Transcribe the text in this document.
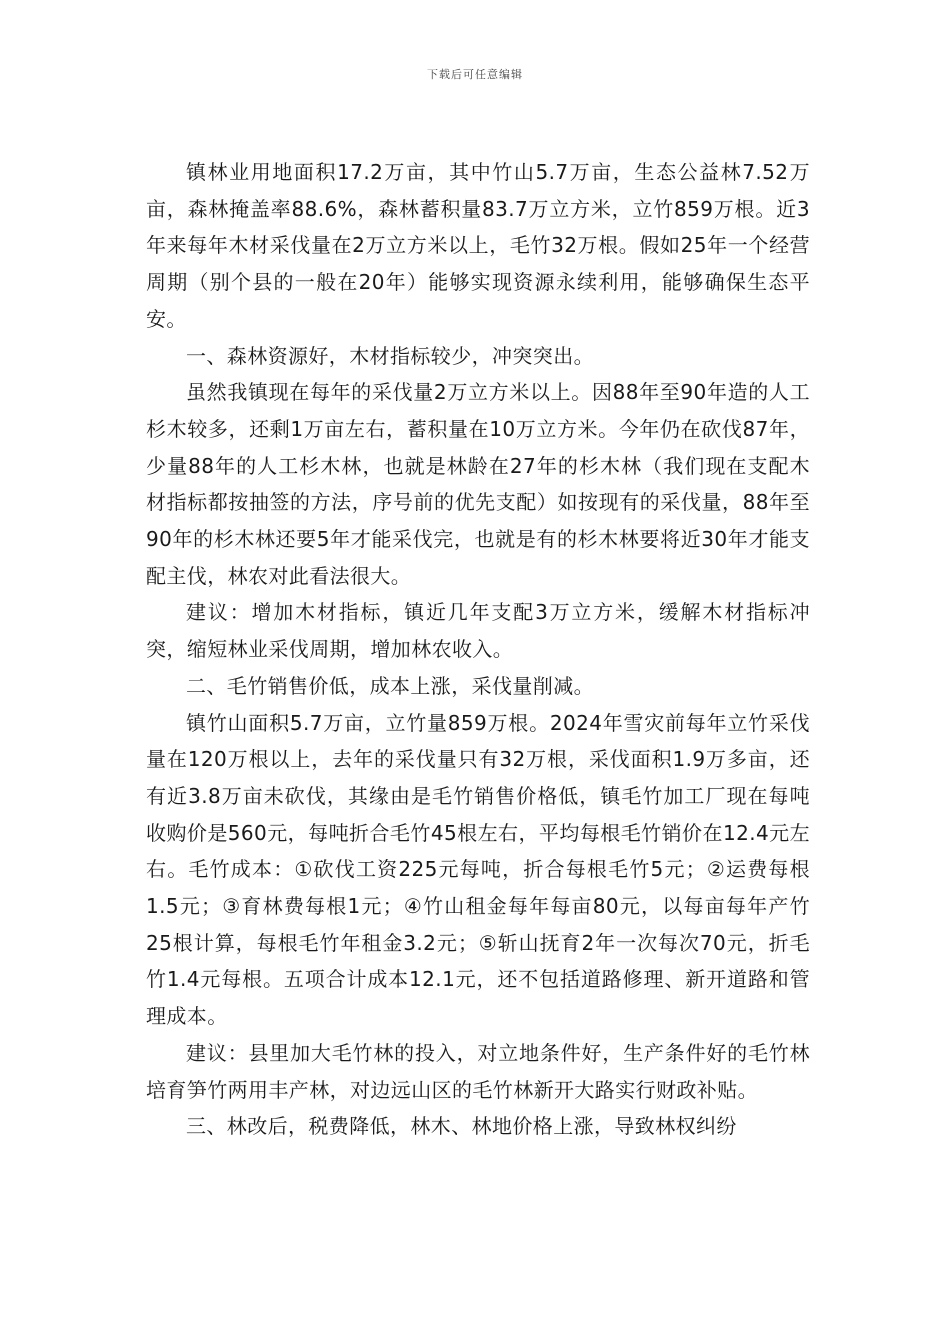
下载后可任意编辑

镇林业用地面积17.2万亩，其中竹山5.7万亩，生态公益林7.52万亩，森林掩盖率88.6%，森林蓄积量83.7万立方米，立竹859万根。近3年来每年木材采伐量在2万立方米以上，毛竹32万根。假如25年一个经营周期（别个县的一般在20年）能够实现资源永续利用，能够确保生态平安。

一、森林资源好，木材指标较少，冲突突出。

虽然我镇现在每年的采伐量2万立方米以上。因88年至90年造的人工杉木较多，还剩1万亩左右，蓄积量在10万立方米。今年仍在砍伐87年，少量88年的人工杉木林，也就是林龄在27年的杉木林（我们现在支配木材指标都按抽签的方法，序号前的优先支配）如按现有的采伐量，88年至90年的杉木林还要5年才能采伐完，也就是有的杉木林要将近30年才能支配主伐，林农对此看法很大。

建议：增加木材指标，镇近几年支配3万立方米，缓解木材指标冲突，缩短林业采伐周期，增加林农收入。

二、毛竹销售价低，成本上涨，采伐量削减。

镇竹山面积5.7万亩，立竹量859万根。2024年雪灾前每年立竹采伐量在120万根以上，去年的采伐量只有32万根，采伐面积1.9万多亩，还有近3.8万亩未砍伐，其缘由是毛竹销售价格低，镇毛竹加工厂现在每吨收购价是560元，每吨折合毛竹45根左右，平均每根毛竹销价在12.4元左右。毛竹成本：①砍伐工资225元每吨，折合每根毛竹5元；②运费每根1.5元；③育林费每根1元；④竹山租金每年每亩80元，以每亩每年产竹25根计算，每根毛竹年租金3.2元；⑤斩山抚育2年一次每次70元，折毛竹1.4元每根。五项合计成本12.1元，还不包括道路修理、新开道路和管理成本。

建议：县里加大毛竹林的投入，对立地条件好，生产条件好的毛竹林培育笋竹两用丰产林，对边远山区的毛竹林新开大路实行财政补贴。

三、林改后，税费降低，林木、林地价格上涨，导致林权纠纷
